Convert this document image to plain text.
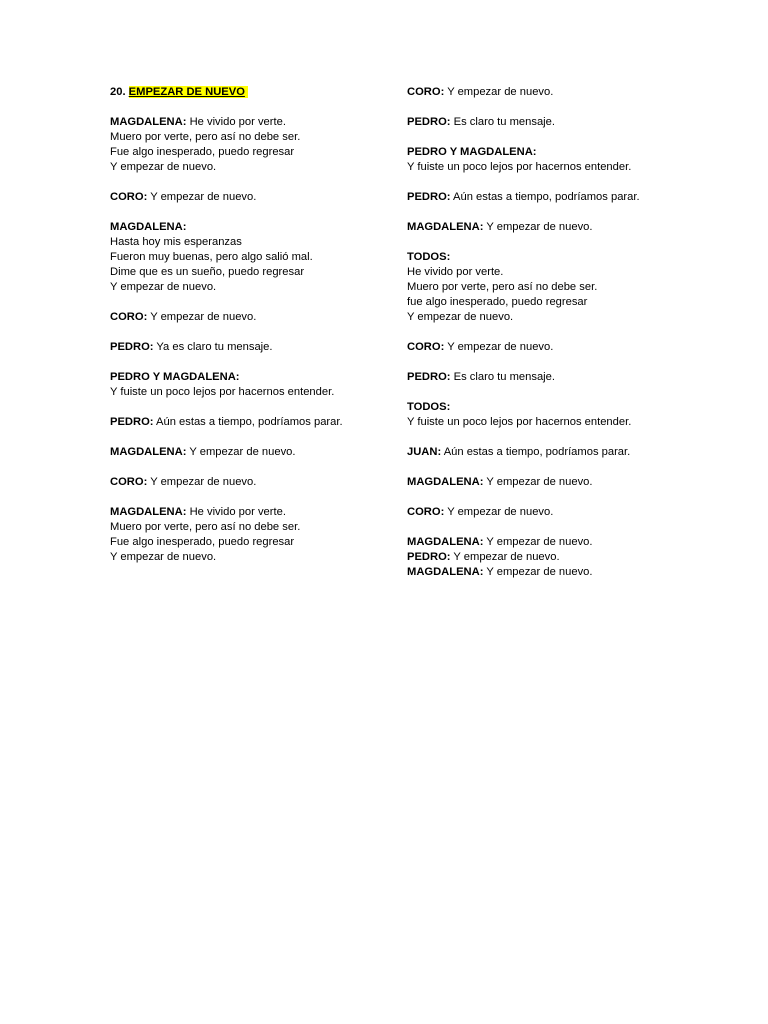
20. EMPEZAR DE NUEVO
MAGDALENA: He vivido por verte.
Muero por verte, pero así no debe ser.
Fue algo inesperado, puedo regresar
Y empezar de nuevo.
CORO: Y empezar de nuevo.
MAGDALENA:
Hasta hoy mis esperanzas
Fueron muy buenas, pero algo salió mal.
Dime que es un sueño, puedo regresar
Y empezar de nuevo.
CORO: Y empezar de nuevo.
PEDRO: Ya es claro tu mensaje.
PEDRO Y MAGDALENA:
Y fuiste un poco lejos por hacernos entender.
PEDRO: Aún estas a tiempo, podríamos parar.
MAGDALENA: Y empezar de nuevo.
CORO: Y empezar de nuevo.
MAGDALENA: He vivido por verte.
Muero por verte, pero así no debe ser.
Fue algo inesperado, puedo regresar
Y empezar de nuevo.
CORO: Y empezar de nuevo.
PEDRO: Es claro tu mensaje.
PEDRO Y MAGDALENA:
Y fuiste un poco lejos por hacernos entender.
PEDRO: Aún estas a tiempo, podríamos parar.
MAGDALENA: Y empezar de nuevo.
TODOS:
He vivido por verte.
Muero por verte, pero así no debe ser.
fue algo inesperado, puedo regresar
Y empezar de nuevo.
CORO: Y empezar de nuevo.
PEDRO: Es claro tu mensaje.
TODOS:
Y fuiste un poco lejos por hacernos entender.
JUAN: Aún estas a tiempo, podríamos parar.
MAGDALENA: Y empezar de nuevo.
CORO: Y empezar de nuevo.
MAGDALENA: Y empezar de nuevo.
PEDRO: Y empezar de nuevo.
MAGDALENA: Y empezar de nuevo.
